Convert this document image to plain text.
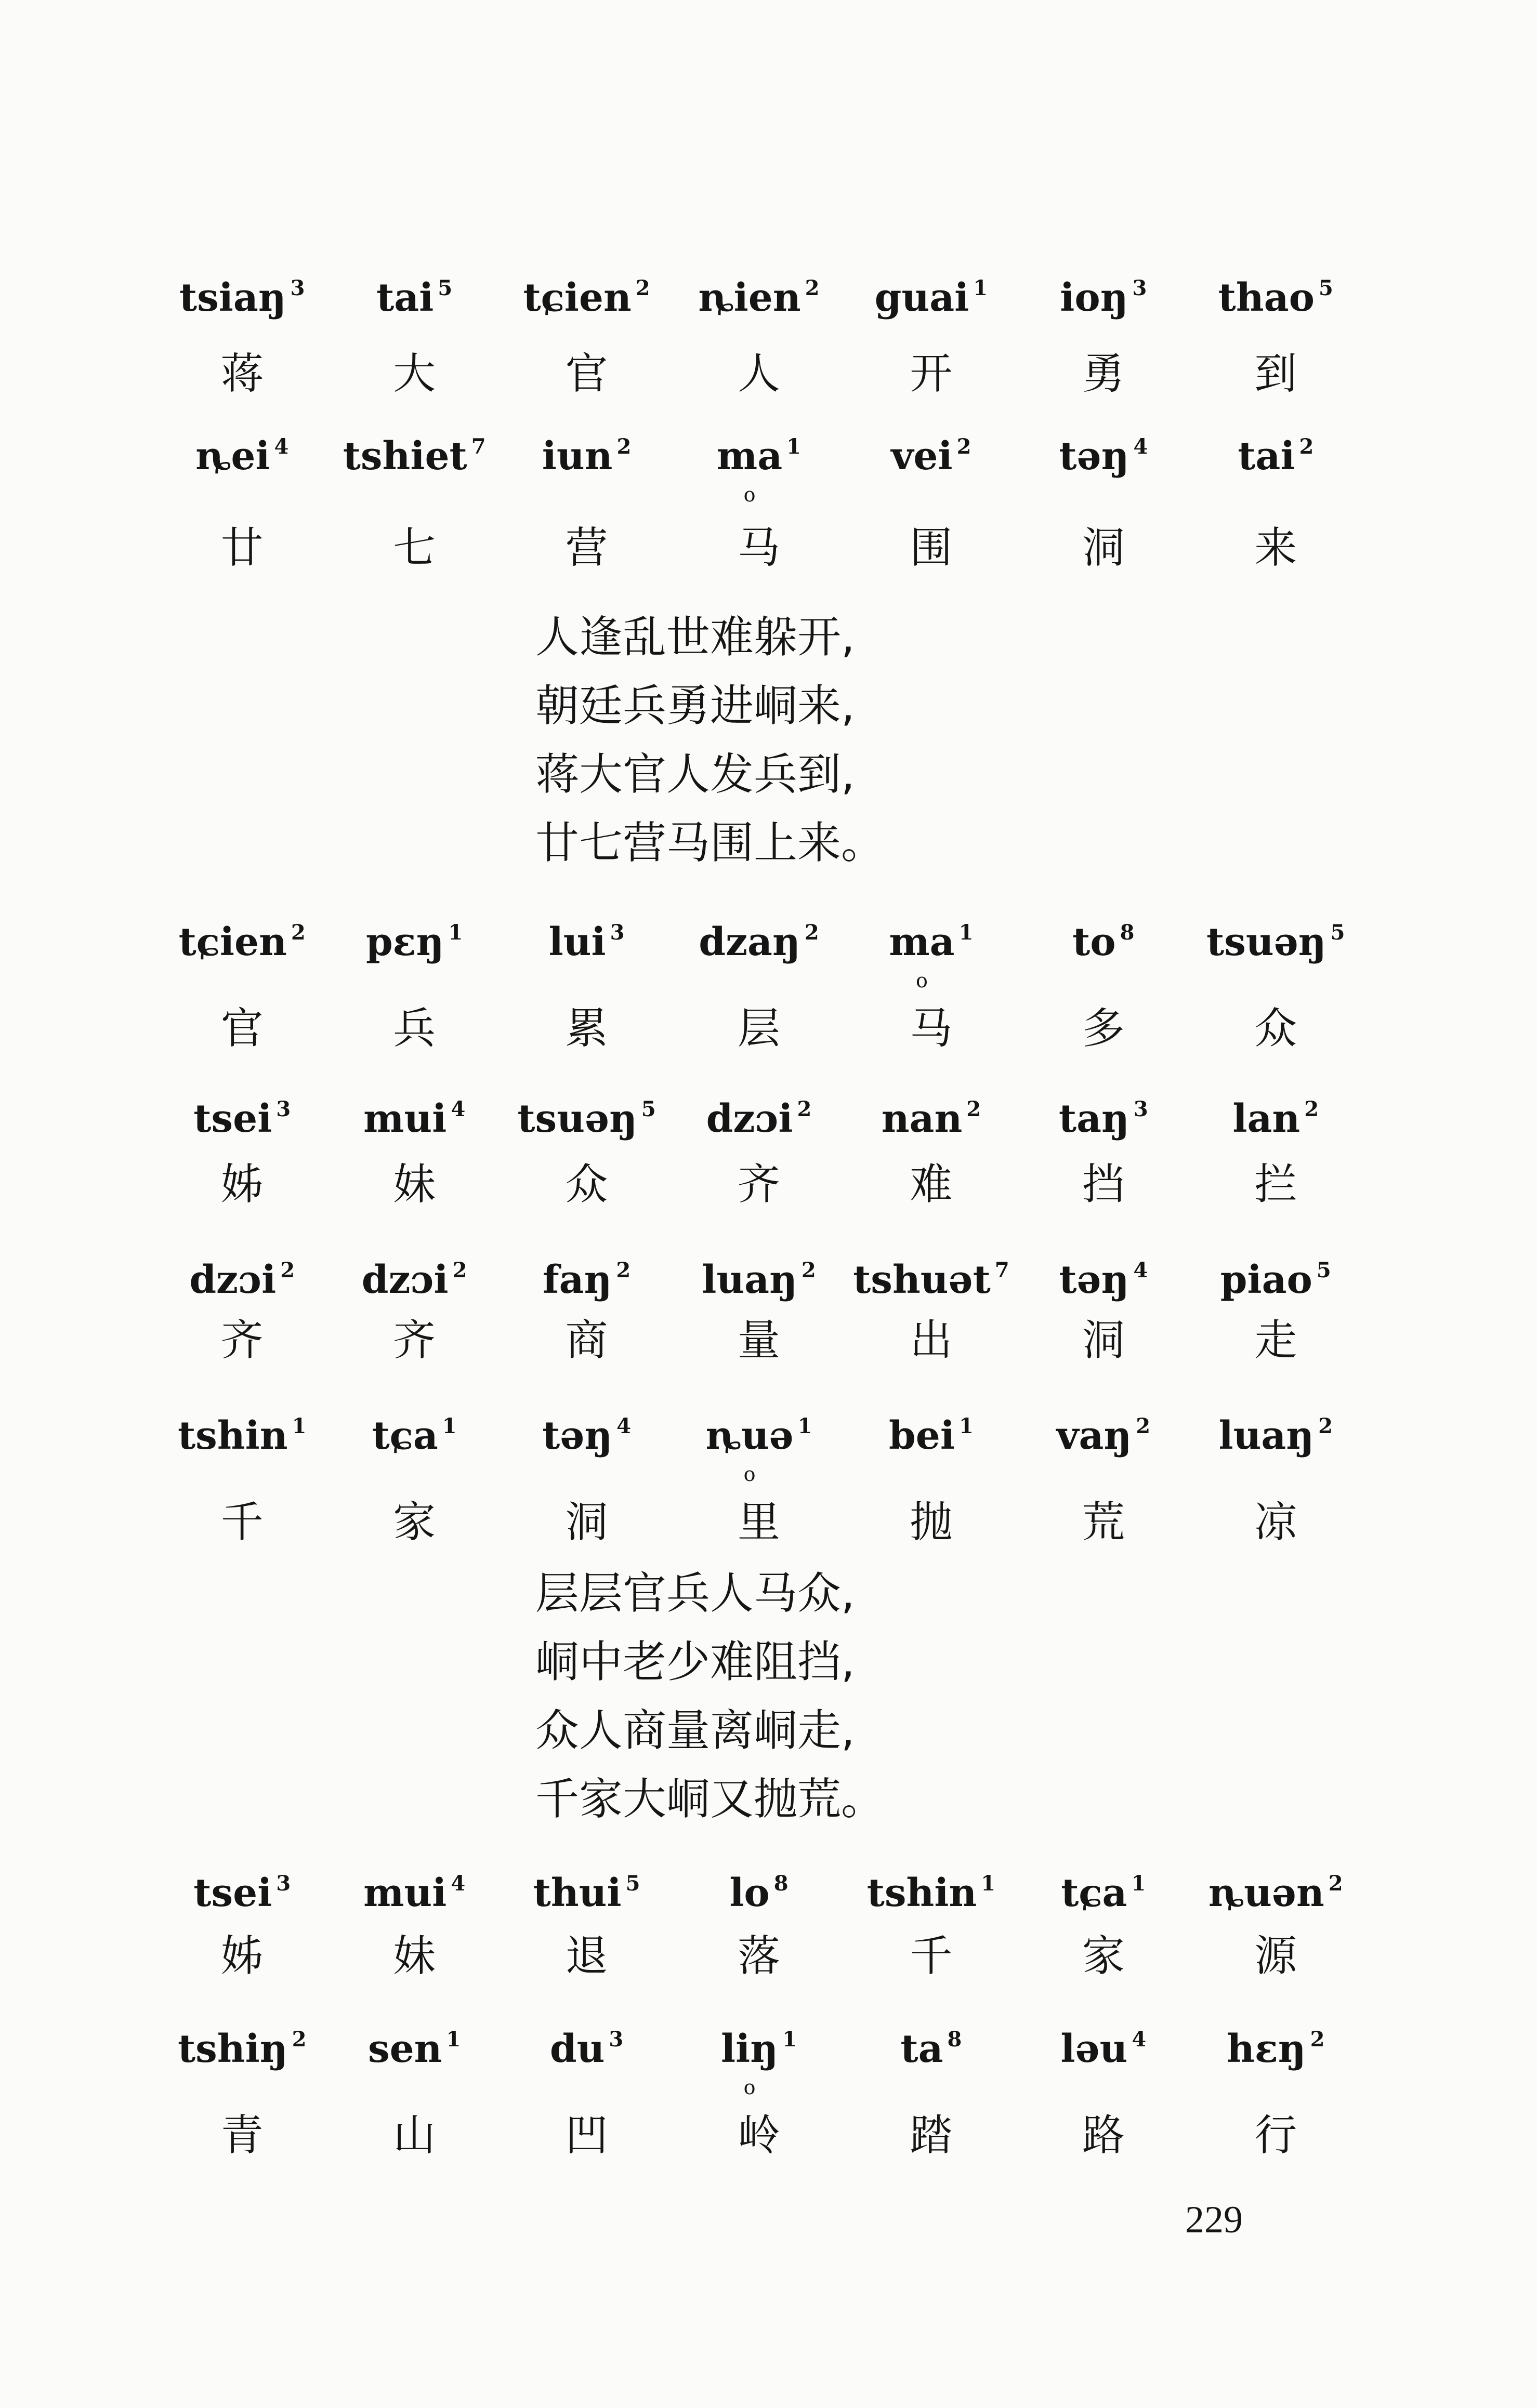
tsiaŋ $^3$	tai $^5$	tɕien $^2$	ȵien $^2$	guai $^1$	ioŋ $^3$	thao $^5$
蒋	大	官	人	开	勇	到
ȵei $^4$	tshiet $^7$	iun $^2$	ma o $^1$	vei $^2$	təŋ $^4$	tai $^2$
廿	七	营	马	围	洞	来
人逢乱世难躲开,
朝廷兵勇进峒来,
蒋大官人发兵到,
廿七营马围上来。
tɕien $^2$	pɛŋ $^1$	lui $^3$	dzaŋ $^2$	ma o $^1$	to $^8$	tsuəŋ $^5$
官	兵	累	层	马	多	众
tsei $^3$	mui $^4$	tsuəŋ $^5$	dzɔi $^2$	nan $^2$	taŋ $^3$	lan $^2$
姊	妹	众	齐	难	挡	拦
dzɔi $^2$	dzɔi $^2$	faŋ $^2$	luaŋ $^2$ tshuət $^7$	təŋ $^4$	piao $^5$
齐	齐	商	量	出	洞	走
tshin $^1$	tɕa $^1$	təŋ $^4$	ȵuə o $^1$	bei $^1$	vaŋ $^2$	luaŋ $^2$
千	家	洞	里	抛	荒	凉
层层官兵人马众,
峒中老少难阻挡,
众人商量离峒走,
千家大峒又抛荒。
tsei $^3$	mui $^4$	thui $^5$	lo $^8$	tshin $^1$	tɕa $^1$	ȵuən $^2$
姊	妹	退	落	千	家	源
tshiŋ $^2$	sen $^1$	du $^3$	liŋ o $^1$	ta $^8$	ləu $^4$	hɛŋ $^2$
青	山	凹	岭	踏	路	行
229
